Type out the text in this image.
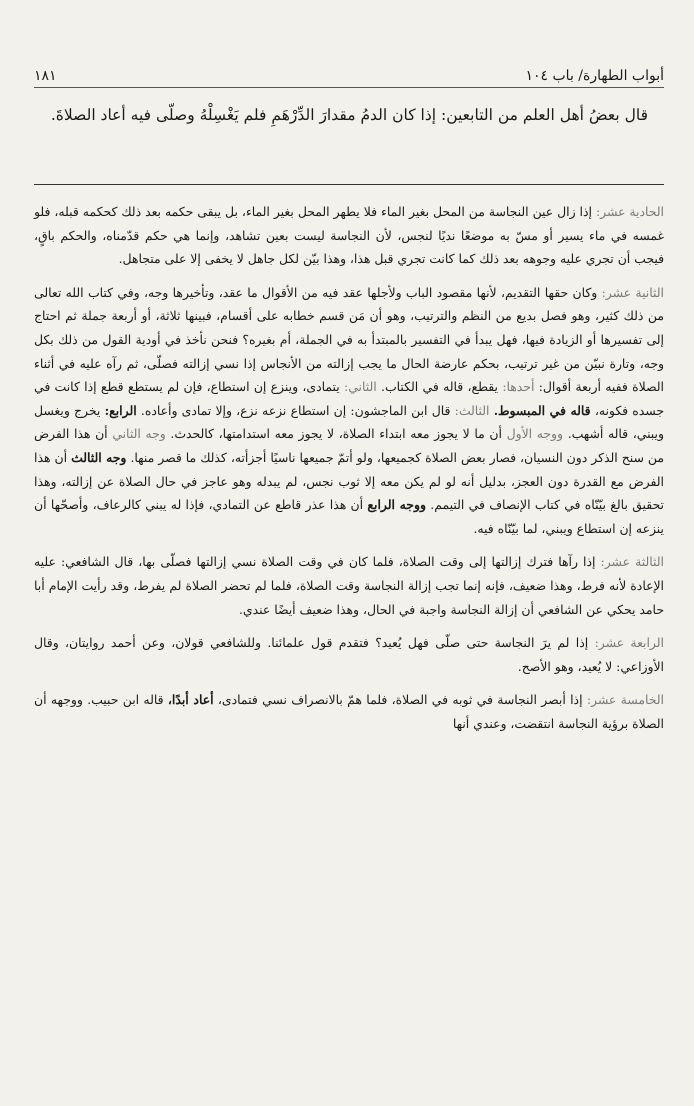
١٨١	أبواب الطهارة/ باب ١٠٤
قال بعضُ أهل العلم من التابعين: إذا كان الدمُ مقدارَ الدِّرْهَمِ فلم يَغْسِلْهُ وصلّى فيه أعاد الصلاةَ.

الحادية عشر: إذا زال عين النجاسة من المحل بغير الماء فلا يطهر المحل بغير الماء، بل يبقى حكمه بعد ذلك كحكمه قبله، فلو غمسه في ماء يسير أو مسّ به موضعًا نديًا لنجس، لأن النجاسة ليست بعين تشاهد، وإنما هي حكم قدّمناه، والحكم باقٍ، فيجب أن تجري عليه وجوهه بعد ذلك كما كانت تجري قبل هذا، وهذا بيّن لكل جاهل لا يخفى إلا على متجاهل.

الثانية عشر: وكان حقها التقديم، لأنها مقصود الباب ولأجلها عقد فيه من الأقوال ما عقد، وتأخيرها وجه، وفي كتاب الله تعالى من ذلك كثير، وهو فصل بديع من النظم والترتيب، وهو أن مَن قسم خطابه على أقسام، فبينها ثلاثة، أو أربعة جملة ثم احتاج إلى تفسيرها أو الزيادة فيها، فهل يبدأ في التفسير بالمبتدأ به في الجملة، أم بغيره؟ فنحن نأخذ في أودية القول من ذلك بكل وجه، وتارة نبيّن من غير ترتيب، بحكم عارضة الحال ما يجب إزالته من الأنجاس إذا نسي إزالته فصلّى، ثم رآه عليه في أثناء الصلاة ففيه أربعة أقوال: أحدها: يقطع، قاله في الكتاب. الثاني: يتمادى، وينزع إن استطاع، فإن لم يستطع قطع إذا كانت في جسده فكونه، قاله في المبسوط. الثالث: قال ابن الماجشون: إن استطاع نزعه نزع، وإلا تمادى وأعاده. الرابع: يخرج ويغسل ويبني، قاله أشهب. ووجه الأول أن ما لا يجوز معه ابتداء الصلاة، لا يجوز معه استدامتها، كالحدث. وجه الثاني أن هذا الفرض من سنح الذكر دون النسيان، فصار بعض الصلاة كجميعها، ولو أتمّ جميعها ناسيًا أجزأته، كذلك ما قصر منها. وجه الثالث أن هذا الفرض مع القدرة دون العجز، بدليل أنه لو لم يكن معه إلا ثوب نجس، لم يبدله وهو عاجز في حال الصلاة عن إزالته، وهذا تحقيق بالغ بيّنّاه في كتاب الإنصاف في التيمم. ووجه الرابع أن هذا عذر قاطع عن التمادي، فإذا له يبني كالرعاف، وأصحّها أن ينزعه إن استطاع ويبني، لما بيّنّاه فيه.

الثالثة عشر: إذا رآها فترك إزالتها إلى وقت الصلاة، فلما كان في وقت الصلاة نسي إزالتها فصلّى بها، قال الشافعي: عليه الإعادة لأنه فرط، وهذا ضعيف، فإنه إنما تجب إزالة النجاسة وقت الصلاة، فلما لم تحضر الصلاة لم يفرط، وقد رأيت الإمام أبا حامد يحكي عن الشافعي أن إزالة النجاسة واجبة في الحال، وهذا ضعيف أيضًا عندي.

الرابعة عشر: إذا لم يرَ النجاسة حتى صلّى فهل يُعيد؟ فتقدم قول علمائنا. وللشافعي قولان، وعن أحمد روايتان، وقال الأوزاعي: لا يُعيد، وهو الأصح.

الخامسة عشر: إذا أبصر النجاسة في ثوبه في الصلاة، فلما همّ بالانصراف نسي فتمادى، أعاد أبدًا، قاله ابن حبيب. ووجهه أن الصلاة برؤية النجاسة انتقضت، وعندي أنها
